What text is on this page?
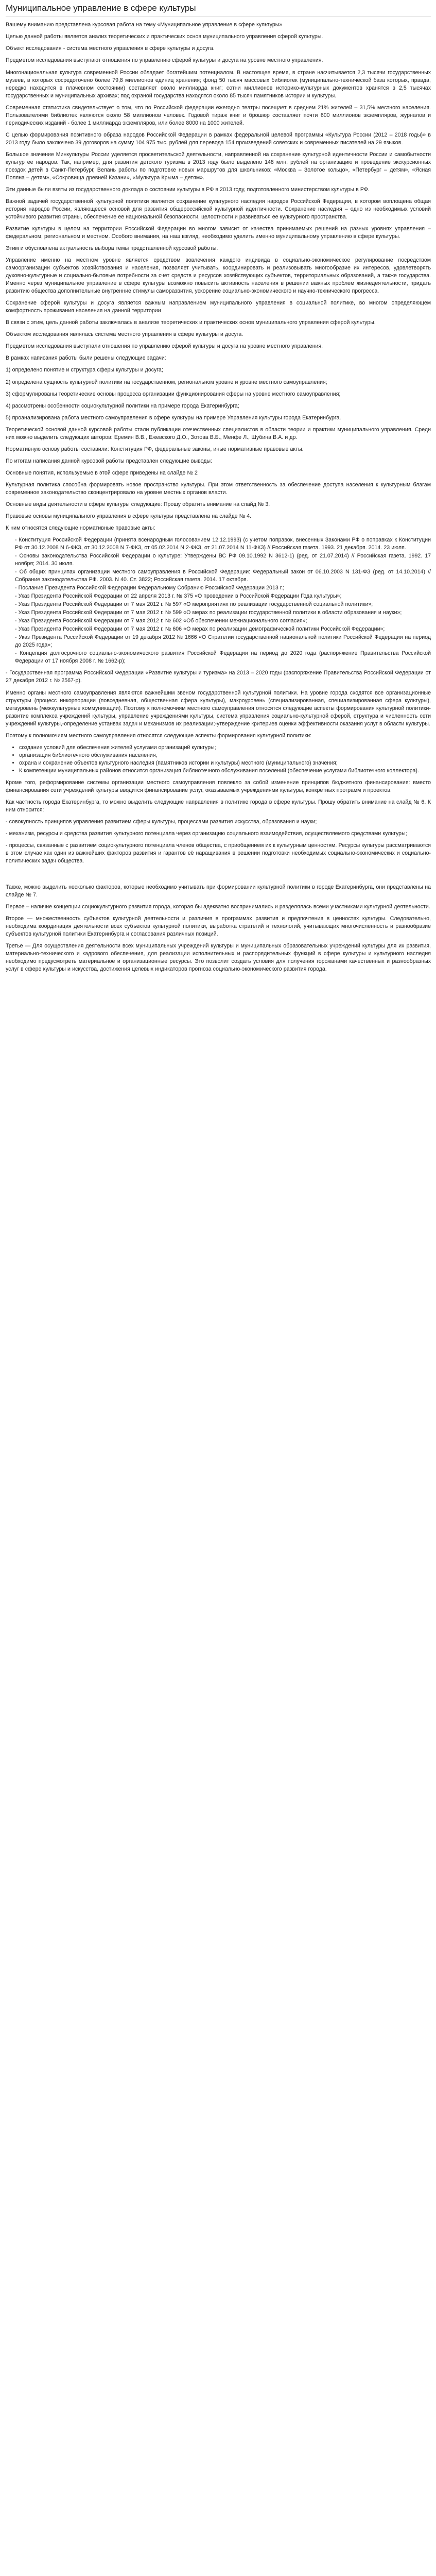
Муниципальное управление в сфере культуры

Вашему вниманию представлена курсовая работа на тему «Муниципальное управление в сфере культуры»

Целью данной работы является анализ теоретических и практических основ муниципального управления сферой культуры.

Объект исследования - система местного управления в сфере культуры и досуга.

Предметом исследования выступают отношения по управлению сферой культуры и досуга на уровне местного управления.

Многонациональная культура современной России обладает богатейшим потенциалом. В настоящее время, в стране насчитывается 2,3 тысячи государственных музеев, в которых сосредоточено более 79,8 миллионов единиц хранения; фонд 50 тысяч массовых библиотек (муниципально-технической база которых, правда, нередко находится в плачевном состоянии) составляет около миллиарда книг; сотни миллионов историко-культурных документов хранятся в 2,5 тысячах государственных и муниципальных архивах; под охраной государства находятся около 85 тысяч памятников истории и культуры.

Современная статистика свидетельствует о том, что по Российской федерации ежегодно театры посещает в среднем 21% жителей – 31,5% местного населения. Пользователями библиотек являются около 58 миллионов человек. Годовой тираж книг и брошюр составляет почти 600 миллионов экземпляров, журналов и периодических изданий - более 1 миллиарда экземпляров, или более 8000 на 1000 жителей.

С целью формирования позитивного образа народов Российской Федерации в рамках федеральной целевой программы «Культура России (2012 – 2018 годы)» в 2013 году было заключено 39 договоров на сумму 104 975 тыс. рублей для перевода 154 произведений советских и современных писателей на 29 языков.

Большое значение Минкультуры России уделяется просветительской деятельности, направленной на сохранение культурной идентичности России и самобытности культур ее народов. Так, например, для развития детского туризма в 2013 году было выделено 148 млн. рублей на организацию и проведение экскурсионных поездок детей в Санкт-Петербург, Велань работы по подготовке новых маршрутов для школьников: «Москва – Золотое кольцо», «Петербург – детям», «Ясная Поляна – детям», «Сокровища древней Казани», «Мультура Крыма – детям».

Эти данные были взяты из государственного доклада о состоянии культуры в РФ в 2013 году, подготовленного министерством культуры в РФ.

Важной задачей государственной культурной политики является сохранение культурного наследия народов Российской Федерации, в котором воплощена общая история народов России, являющееся основой для развития общероссийской культурной идентичности. Сохранение наследия – одно из необходимых условий устойчивого развития страны, обеспечение ее национальной безопасности, целостности и развиваться ее культурного пространства.

Развитие культуры в целом на территории Российской Федерации во многом зависит от качества принимаемых решений на разных уровнях управления – федеральном, региональном и местном. Особого внимания, на наш взгляд, необходимо уделить именно муниципальному управлению в сфере культуры.

Этим и обусловлена актуальность выбора темы представленной курсовой работы.

Управление именно на местном уровне является средством вовлечения каждого индивида в социально-экономическое регулирование посредством самоорганизации субъектов хозяйствования и населения, позволяет учитывать, координировать и реализовывать многообразие их интересов, удовлетворять духовно-культурные и социально-бытовые потребности за счет средств и ресурсов хозяйствующих субъектов, территориальных образований, а также государства. Именно через муниципальное управление в сфере культуры возможно повысить активность населения в решении важных проблем жизнедеятельности, придать развитию общества дополнительные внутренние стимулы саморазвития, ускорение социально-экономического и научно-технического прогресса.

Сохранение сферой культуры и досуга является важным направлением муниципального управления в социальной политике, во многом определяющем комфортность проживания населения на данной территории

В связи с этим, цель данной работы заключалась в анализе теоретических и практических основ муниципального управления сферой культуры.

Объектом исследования являлась система местного управления в сфере культуры и досуга.

Предметом исследования выступали отношения по управлению сферой культуры и досуга на уровне местного управления.

В рамках написания работы были решены следующие задачи:

1) определено понятие и структура сферы культуры и досуга;

2) определена сущность культурной политики на государственном, региональном уровне и уровне местного самоуправления;

3) сформулированы теоретические основы процесса организации функционирования сферы на уровне местного самоуправления;

4) рассмотрены особенности социокультурной политики на примере города Екатеринбурга;

5) проанализирована работа местного самоуправления в сфере культуры на примере Управления культуры города Екатеринбурга.

Теоретической основой данной курсовой работы стали публикации отечественных специалистов в области теории и практики муниципального управления. Среди них можно выделить следующих авторов: Еремин В.В., Ежевского Д.О., Зотова В.Б., Менфе Л., Шубина В.А. и др.

Нормативную основу работы составили: Конституция РФ, федеральные законы, иные нормативные правовые акты.

По итогам написания данной курсовой работы представлен следующие выводы:

Основные понятия, используемые в этой сфере приведены на слайде № 2

Культурная политика способна формировать новое пространство культуры. При этом ответственность за обеспечение доступа населения к культурным благам современное законодательство сконцентрировало на уровне местных органов власти.

Основные виды деятельности в сфере культуры следующие: Прошу обратить внимание на слайд № 3.

Правовые основы муниципального управления в сфере культуры представлена на слайде № 4.

К ним относятся следующие нормативные правовые акты:

- Конституция Российской Федерации (принята всенародным голосованием 12.12.1993) (с учетом поправок, внесенных Законами РФ о поправках к Конституции РФ от 30.12.2008 N 6-ФКЗ, от 30.12.2008 N 7-ФКЗ, от 05.02.2014 N 2-ФКЗ, от 21.07.2014 N 11-ФКЗ) // Российская газета. 1993. 21 декабря. 2014. 23 июля.

- Основы законодательства Российской Федерации о культуре: Утверждены ВС РФ 09.10.1992 N 3612-1) (ред. от 21.07.2014) // Российская газета. 1992. 17 ноября; 2014. 30 июля.

- Об общих принципах организации местного самоуправления в Российской Федерации: Федеральный закон от 06.10.2003 N 131-ФЗ (ред. от 14.10.2014) // Собрание законодательства РФ. 2003. N 40. Ст. 3822; Российская газета. 2014. 17 октября.

- Послание Президента Российской Федерации Федеральному Собранию Российской Федерации 2013 г.;

- Указ Президента Российской Федерации от 22 апреля 2013 г. № 375 «О проведении в Российской Федерации Года культуры»;

- Указ Президента Российской Федерации от 7 мая 2012 г. № 597 «О мероприятиях по реализации государственной социальной политики»;

- Указ Президента Российской Федерации от 7 мая 2012 г. № 599 «О мерах по реализации государственной политики в области образования и науки»;

- Указ Президента Российской Федерации от 7 мая 2012 г. № 602 «Об обеспечении межнационального согласия»;

- Указ Президента Российской Федерации от 7 мая 2012 г. № 606 «О мерах по реализации демографической политики Российской Федерации»;

- Указ Президента Российской Федерации от 19 декабря 2012 № 1666 «О Стратегии государственной национальной политики Российской Федерации на период до 2025 года»;

- Концепция долгосрочного социально-экономического развития Российской Федерации на период до 2020 года (распоряжение Правительства Российской Федерации от 17 ноября 2008 г. № 1662-р);

- Государственная программа Российской Федерации «Развитие культуры и туризма» на 2013 – 2020 годы (распоряжение Правительства Российской Федерации от 27 декабря 2012 г. № 2567-р).

Именно органы местного самоуправления являются важнейшим звеном государственной культурной политики. На уровне города сходятся все организационные структуры (процесс инкорпорации (повседневная, общественная сфера культуры), макроуровень (специализированная, специализированная сфера культуры), мегауровень (межкультурные коммуникации). Поэтому к полномочиям местного самоуправления относятся следующие аспекты формирования культурной политики-развитие комплекса учреждений культуры, управление учреждениями культуры, система управления социально-культурной сферой, структура и численность сети учреждений культуры,-определение устанвах задач и механизмов их реализации;-утверждение критериев оценки эффективности оказания услуг в области культуры.

Поэтому к полномочиям местного самоуправления относятся следующие аспекты формирования культурной политики:

• создание условий для обеспечения жителей услугами организаций культуры;
• организация библиотечного обслуживания населения,
• охрана и сохранение объектов культурного наследия (памятников истории и культуры) местного (муниципального) значения;
• К компетенции муниципальных районов относится организация библиотечного обслуживания поселений (обеспечение услугами библиотечного коллектора).

Кроме того, реформирование системы организации местного самоуправления повлекло за собой изменение принципов бюджетного финансирования: вместо финансирования сети учреждений культуры вводится финансирование услуг, оказываемых учреждениями культуры, конкретных программ и проектов.

Как частность города Екатеринбурга, то можно выделить следующие направления в политике города в сфере культуры. Прошу обратить внимание на слайд № 6. К ним относится:

- совокупность принципов управления развитием сферы культуры, процессами развития искусства, образования и науки;

- механизм, ресурсы и средства развития культурного потенциала через организацию социального взаимодействия, осуществляемого средствами культуры;

- процессы, связанные с развитием социокультурного потенциала членов общества, с приобщением их к культурным ценностям. Ресурсы культуры рассматриваются в этом случае как один из важнейших факторов развития и гарантов её наращивания в решении подготовки необходимых социально-экономических и социально-политических задач общества.

Также, можно выделить несколько факторов, которые необходимо учитывать при формировании культурной политики в городе Екатеринбурга, они представлены на слайде № 7.

Первое – наличие концепции социокультурного развития города, которая бы адекватно воспринимались и разделялась всеми участниками культурной деятельности.

Второе — множественность субъектов культурной деятельности и различия в программах развития и предпочтения в ценностях культуры. Следовательно, необходима координация деятельности всех субъектов культурной политики, выработка стратегий и технологий, учитывающих многочисленность и разнообразие субъектов культурной политики Екатеринбурга и согласования различных позиций.

Третье — Для осуществления деятельности всех муниципальных учреждений культуры и муниципальных образовательных учреждений культуры для их развития, материально-технического и кадрового обеспечения, для реализации исполнительных и распорядительных функций в сфере культуры и культурного наследия необходимо предусмотреть материальное и организационные ресурсы. Это позволит создать условия для получения горожанами качественных и разнообразных услуг в сфере культуры и искусства, достижения целевых индикаторов прогноза социально-экономического развития города.
